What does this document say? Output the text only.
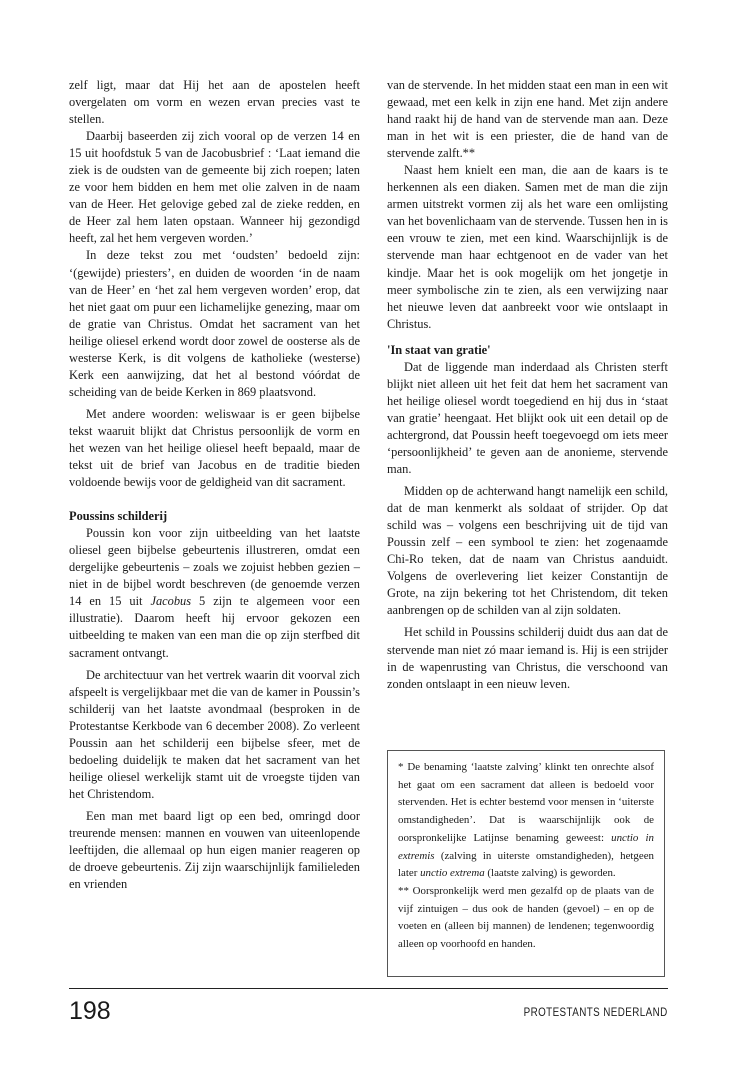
zelf ligt, maar dat Hij het aan de apostelen heeft overgelaten om vorm en wezen ervan precies vast te stellen.

Daarbij baseerden zij zich vooral op de verzen 14 en 15 uit hoofdstuk 5 van de Jacobusbrief : ‘Laat iemand die ziek is de oudsten van de gemeente bij zich roepen; laten ze voor hem bidden en hem met olie zalven in de naam van de Heer. Het gelovige gebed zal de zieke redden, en de Heer zal hem laten opstaan. Wanneer hij gezondigd heeft, zal het hem vergeven worden.’

In deze tekst zou met ‘oudsten’ bedoeld zijn: ‘(gewijde) priesters’, en duiden de woorden ‘in de naam van de Heer’ en ‘het zal hem vergeven worden’ erop, dat het niet gaat om puur een lichamelijke genezing, maar om de gratie van Christus. Omdat het sacrament van het heilige oliesel erkend wordt door zowel de oosterse als de westerse Kerk, is dit volgens de katholieke (westerse) Kerk een aanwijzing, dat het al bestond vóórdat de scheiding van de beide Kerken in 869 plaatsvond.

Met andere woorden: weliswaar is er geen bijbelse tekst waaruit blijkt dat Christus persoonlijk de vorm en het wezen van het heilige oliesel heeft bepaald, maar de tekst uit de brief van Jacobus en de traditie bieden voldoende bewijs voor de geldigheid van dit sacrament.

Poussins schilderij

Poussin kon voor zijn uitbeelding van het laatste oliesel geen bijbelse gebeurtenis illustreren, omdat een dergelijke gebeurtenis – zoals we zojuist hebben gezien – niet in de bijbel wordt beschreven (de genoemde verzen 14 en 15 uit Jacobus 5 zijn te algemeen voor een illustratie). Daarom heeft hij ervoor gekozen een uitbeelding te maken van een man die op zijn sterfbed dit sacrament ontvangt.

De architectuur van het vertrek waarin dit voorval zich afspeelt is vergelijkbaar met die van de kamer in Poussin’s schilderij van het laatste avondmaal (besproken in de Protestantse Kerkbode van 6 december 2008). Zo verleent Poussin aan het schilderij een bijbelse sfeer, met de bedoeling duidelijk te maken dat het sacrament van het heilige oliesel werkelijk stamt uit de vroegste tijden van het Christendom.

Een man met baard ligt op een bed, omringd door treurende mensen: mannen en vouwen van uiteenlopende leeftijden, die allemaal op hun eigen manier reageren op de droeve gebeurtenis. Zij zijn waarschijnlijk familieleden en vrienden

van de stervende. In het midden staat een man in een wit gewaad, met een kelk in zijn ene hand. Met zijn andere hand raakt hij de hand van de stervende man aan. Deze man in het wit is een priester, die de hand van de stervende zalft.**

Naast hem knielt een man, die aan de kaars is te herkennen als een diaken. Samen met de man die zijn armen uitstrekt vormen zij als het ware een omlijsting van het bovenlichaam van de stervende. Tussen hen in is een vrouw te zien, met een kind. Waarschijnlijk is de stervende man haar echtgenoot en de vader van het kindje. Maar het is ook mogelijk om het jongetje in meer symbolische zin te zien, als een verwijzing naar het nieuwe leven dat aanbreekt voor wie ontslaapt in Christus.

'In staat van gratie'

Dat de liggende man inderdaad als Christen sterft blijkt niet alleen uit het feit dat hem het sacrament van het heilige oliesel wordt toegediend en hij dus in ‘staat van gratie’ heengaat. Het blijkt ook uit een detail op de achtergrond, dat Poussin heeft toegevoegd om iets meer ‘persoonlijkheid’ te geven aan de anonieme, stervende man.

Midden op de achterwand hangt namelijk een schild, dat de man kenmerkt als soldaat of strijder. Op dat schild was – volgens een beschrijving uit de tijd van Poussin zelf – een symbool te zien: het zogenaamde Chi-Ro teken, dat de naam van Christus aanduidt. Volgens de overlevering liet keizer Constantijn de Grote, na zijn bekering tot het Christendom, dit teken aanbrengen op de schilden van al zijn soldaten.

Het schild in Poussins schilderij duidt dus aan dat de stervende man niet zó maar iemand is. Hij is een strijder in de wapenrusting van Christus, die verschoond van zonden ontslaapt in een nieuw leven.

* De benaming ‘laatste zalving’ klinkt ten onrechte alsof het gaat om een sacrament dat alleen is bedoeld voor stervenden. Het is echter bestemd voor mensen in ‘uiterste omstandigheden’. Dat is waarschijnlijk ook de oorspronkelijke Latijnse benaming geweest: unctio in extremis (zalving in uiterste omstandigheden), hetgeen later unctio extrema (laatste zalving) is geworden.

** Oorspronkelijk werd men gezalfd op de plaats van de vijf zintuigen – dus ook de handen (gevoel) – en op de voeten en (alleen bij mannen) de lendenen; tegenwoordig alleen op voorhoofd en handen.

198	PROTESTANTS NEDERLAND
